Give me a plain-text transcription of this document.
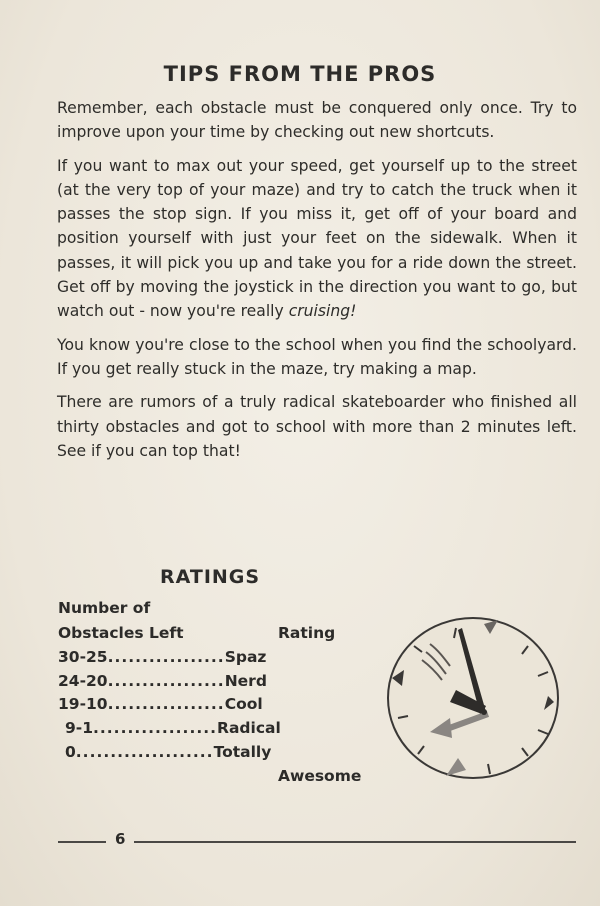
TIPS FROM THE PROS

Remember, each obstacle must be conquered only once. Try to improve upon your time by checking out new shortcuts.

If you want to max out your speed, get yourself up to the street (at the very top of your maze) and try to catch the truck when it passes the stop sign. If you miss it, get off of your board and position yourself with just your feet on the sidewalk. When it passes, it will pick you up and take you for a ride down the street. Get off by moving the joystick in the direction you want to go, but watch out - now you're really cruising!

You know you're close to the school when you find the schoolyard. If you get really stuck in the maze, try making a map.

There are rumors of a truly radical skateboarder who finished all thirty obstacles and got to school with more than 2 minutes left. See if you can top that!

RATINGS
Number of
Obstacles Left	Rating
30-25.................Spaz
24-20.................Nerd
19-10.................Cool
9-1..................Radical
0....................Totally
Awesome
6
